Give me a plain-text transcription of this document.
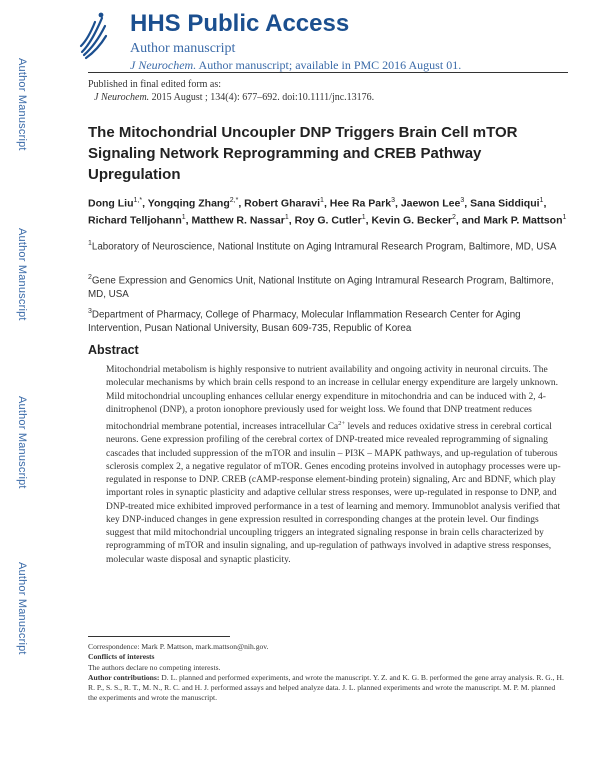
Author Manuscript
Author Manuscript
Author Manuscript
Author Manuscript
HHS Public Access
Author manuscript
J Neurochem. Author manuscript; available in PMC 2016 August 01.
Published in final edited form as:
J Neurochem. 2015 August ; 134(4): 677–692. doi:10.1111/jnc.13176.
The Mitochondrial Uncoupler DNP Triggers Brain Cell mTOR Signaling Network Reprogramming and CREB Pathway Upregulation
Dong Liu$^{1,*}$, Yongqing Zhang$^{2,*}$, Robert Gharavi$^1$, Hee Ra Park$^3$, Jaewon Lee$^3$, Sana Siddiqui$^1$, Richard Telljohann$^1$, Matthew R. Nassar$^1$, Roy G. Cutler$^1$, Kevin G. Becker$^2$, and Mark P. Mattson$^1$
$^1$Laboratory of Neuroscience, National Institute on Aging Intramural Research Program, Baltimore, MD, USA
$^2$Gene Expression and Genomics Unit, National Institute on Aging Intramural Research Program, Baltimore, MD, USA
$^3$Department of Pharmacy, College of Pharmacy, Molecular Inflammation Research Center for Aging Intervention, Pusan National University, Busan 609-735, Republic of Korea
Abstract
Mitochondrial metabolism is highly responsive to nutrient availability and ongoing activity in neuronal circuits. The molecular mechanisms by which brain cells respond to an increase in cellular energy expenditure are largely unknown. Mild mitochondrial uncoupling enhances cellular energy expenditure in mitochondria and can be induced with 2, 4-dinitrophenol (DNP), a proton ionophore previously used for weight loss. We found that DNP treatment reduces mitochondrial membrane potential, increases intracellular $Ca^{2+}$ levels and reduces oxidative stress in cerebral cortical neurons. Gene expression profiling of the cerebral cortex of DNP-treated mice revealed reprogramming of signaling cascades that included suppression of the mTOR and insulin – PI3K – MAPK pathways, and up-regulation of tuberous sclerosis complex 2, a negative regulator of mTOR. Genes encoding proteins involved in autophagy processes were up-regulated in response to DNP. CREB (cAMP-response element-binding protein) signaling, Arc and BDNF, which play important roles in synaptic plasticity and adaptive cellular stress responses, were up-regulated in response to DNP, and DNP-treated mice exhibited improved performance in a test of learning and memory. Immunoblot analysis verified that key DNP-induced changes in gene expression resulted in corresponding changes at the protein level. Our findings suggest that mild mitochondrial uncoupling triggers an integrated signaling response in brain cells characterized by reprogramming of mTOR and insulin signaling, and up-regulation of pathways involved in adaptive stress responses, molecular waste disposal and synaptic plasticity.

Correspondence: Mark P. Mattson, mark.mattson@nih.gov.

Conflicts of interests

The authors declare no competing interests.

Author contributions: D. L. planned and performed experiments, and wrote the manuscript. Y. Z. and K. G. B. performed the gene array analysis. R. G., H. R. P., S. S., R. T., M. N., R. C. and H. J. performed assays and helped analyze data. J. L. planned experiments and wrote the manuscript. M. P. M. planned the experiments and wrote the manuscript.
